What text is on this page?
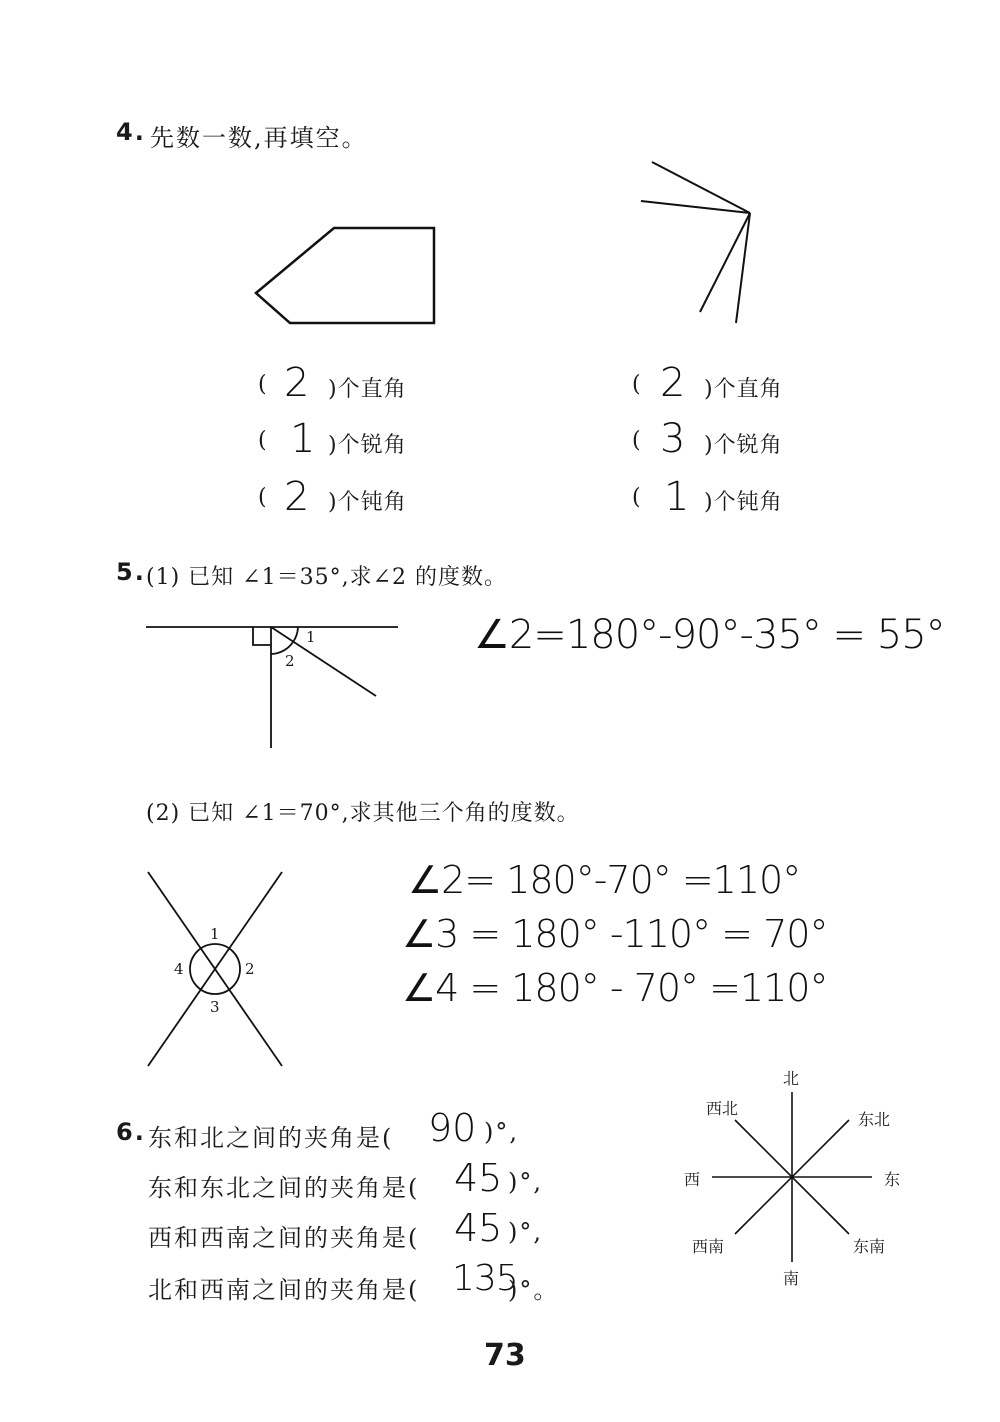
4. 先数一数,再填空。
( 2 )个直角
( 1 )个锐角
( 2 )个钝角
( 2 )个直角
( 3 )个锐角
( 1 )个钝角
5. (1) 已知 ∠1＝35°,求∠2 的度数。
1
2
∠2=180°-90°-35° = 55°
(2) 已知 ∠1＝70°,求其他三个角的度数。
1
2
3
4
∠2= 180°-70° =110°
∠3 = 180° -110° = 70°
∠4 = 180° - 70° =110°
6. 东和北之间的夹角是( 90 )°,
东和东北之间的夹角是( 45 )°,
西和西南之间的夹角是( 45 )°,
北和西南之间的夹角是( 135
)°。
北
南
东
西
东北
西北
东南
西南
73
